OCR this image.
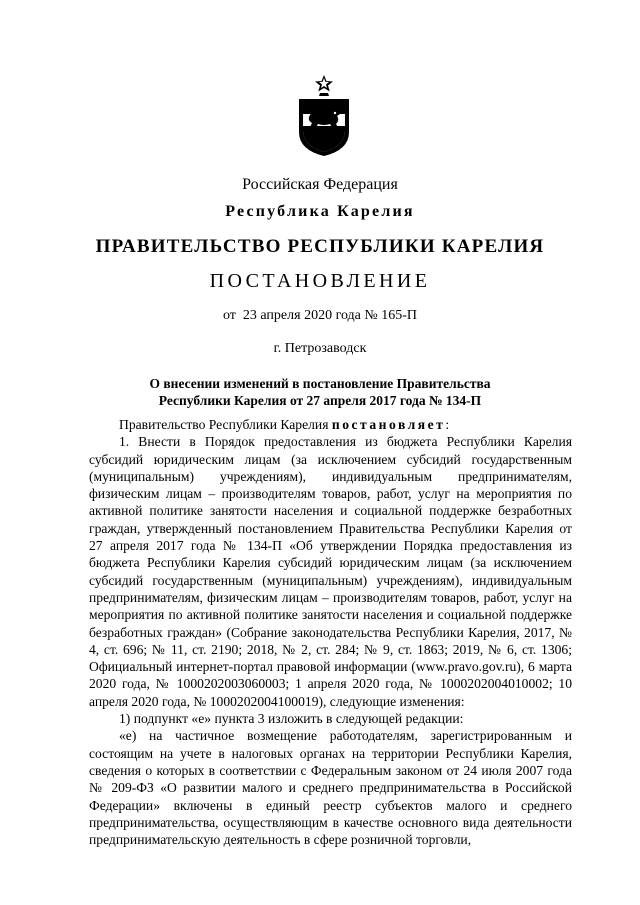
Российская Федерация
Республика Карелия
ПРАВИТЕЛЬСТВО РЕСПУБЛИКИ КАРЕЛИЯ
ПОСТАНОВЛЕНИЕ
от  23 апреля 2020 года № 165-П
г. Петрозаводск
О внесении изменений в постановление Правительства
Республики Карелия от 27 апреля 2017 года № 134-П

Правительство Республики Карелия постановляет:

1. Внести в Порядок предоставления из бюджета Республики Карелия субсидий юридическим лицам (за исключением субсидий государственным (муниципальным) учреждениям), индивидуальным предпринимателям, физическим лицам – производителям товаров, работ, услуг на мероприятия по активной политике занятости населения и социальной поддержке безработных граждан, утвержденный постановлением Правительства Республики Карелия от 27 апреля 2017 года № 134-П «Об утверждении Порядка предоставления из бюджета Республики Карелия субсидий юридическим лицам (за исключением субсидий государственным (муниципальным) учреждениям), индивидуальным предпринимателям, физическим лицам – производителям товаров, работ, услуг на мероприятия по активной политике занятости населения и социальной поддержке безработных граждан» (Собрание законодательства Республики Карелия, 2017, № 4, ст. 696; № 11, ст. 2190; 2018, № 2, ст. 284; № 9, ст. 1863; 2019, № 6, ст. 1306; Официальный интернет-портал правовой информации (www.pravo.gov.ru), 6 марта 2020 года, № 1000202003060003; 1 апреля 2020 года, № 1000202004010002; 10 апреля 2020 года, № 1000202004100019), следующие изменения:

1) подпункт «е» пункта 3 изложить в следующей редакции:

«е) на частичное возмещение работодателям, зарегистрированным и состоящим на учете в налоговых органах на территории Республики Карелия, сведения о которых в соответствии с Федеральным законом от 24 июля 2007 года № 209-ФЗ «О развитии малого и среднего предпринимательства в Российской Федерации» включены в единый реестр субъектов малого и среднего предпринимательства, осуществляющим в качестве основного вида деятельности предпринимательскую деятельность в сфере розничной торговли,
